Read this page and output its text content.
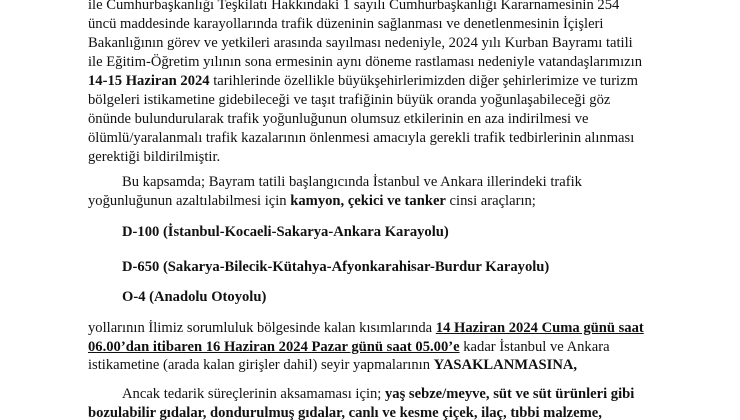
ile Cumhurbaşkanlığı Teşkilatı Hakkındaki 1 sayılı Cumhurbaşkanlığı Kararnamesinin 254
üncü maddesinde karayollarında trafik düzeninin sağlanması ve denetlenmesinin İçişleri
Bakanlığının görev ve yetkileri arasında sayılması nedeniyle, 2024 yılı Kurban Bayramı tatili
ile Eğitim-Öğretim yılının sona ermesinin aynı döneme rastlaması nedeniyle vatandaşlarımızın
14-15 Haziran 2024 tarihlerinde özellikle büyükşehirlerimizden diğer şehirlerimize ve turizm
bölgeleri istikametine gidebileceği ve taşıt trafiğinin büyük oranda yoğunlaşabileceği göz
önünde bulundurularak trafik yoğunluğunun olumsuz etkilerinin en aza indirilmesi ve
ölümlü/yaralanmalı trafik kazalarının önlenmesi amacıyla gerekli trafik tedbirlerinin alınması
gerektiği bildirilmiştir.
Bu kapsamda; Bayram tatili başlangıcında İstanbul ve Ankara illerindeki trafik
yoğunluğunun azaltılabilmesi için kamyon, çekici ve tanker cinsi araçların;
D-100 (İstanbul-Kocaeli-Sakarya-Ankara Karayolu)
D-650 (Sakarya-Bilecik-Kütahya-Afyonkarahisar-Burdur Karayolu)
O-4 (Anadolu Otoyolu)
yollarının İlimiz sorumluluk bölgesinde kalan kısımlarında 14 Haziran 2024 Cuma günü saat
06.00’dan itibaren 16 Haziran 2024 Pazar günü saat 05.00’e kadar İstanbul ve Ankara
istikametine (arada kalan girişler dahil) seyir yapmalarının YASAKLANMASINA,
Ancak tedarik süreçlerinin aksamaması için; yaş sebze/meyve, süt ve süt ürünleri gibi
bozulabilir gıdalar, dondurulmuş gıdalar, canlı ve kesme çiçek, ilaç, tıbbi malzeme,
